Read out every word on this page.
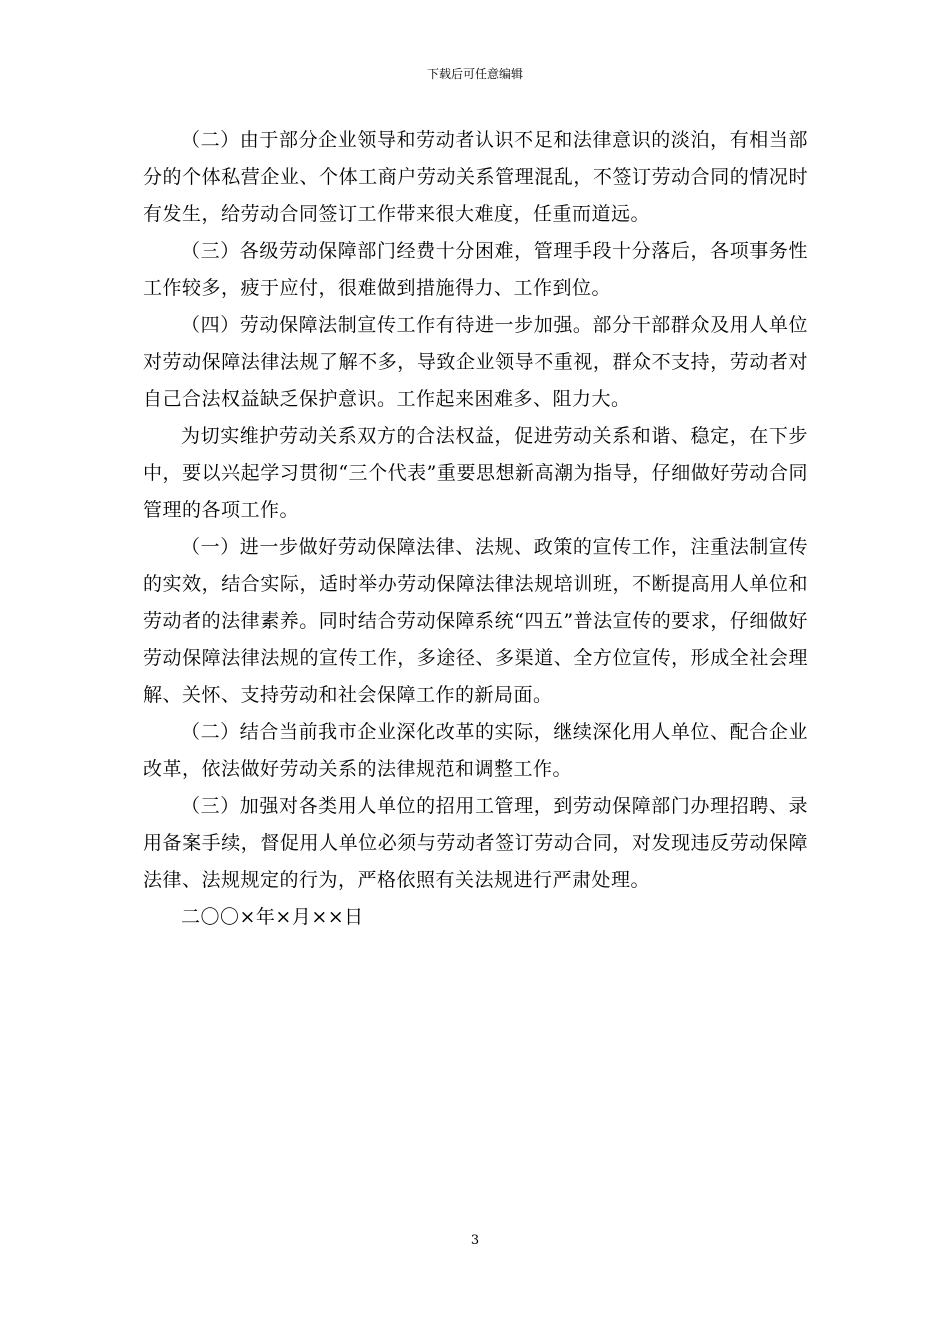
下载后可任意编辑

（二）由于部分企业领导和劳动者认识不足和法律意识的淡泊，有相当部分的个体私营企业、个体工商户劳动关系管理混乱，不签订劳动合同的情况时有发生，给劳动合同签订工作带来很大难度，任重而道远。

（三）各级劳动保障部门经费十分困难，管理手段十分落后，各项事务性工作较多，疲于应付，很难做到措施得力、工作到位。

（四）劳动保障法制宣传工作有待进一步加强。部分干部群众及用人单位对劳动保障法律法规了解不多，导致企业领导不重视，群众不支持，劳动者对自己合法权益缺乏保护意识。工作起来困难多、阻力大。

为切实维护劳动关系双方的合法权益，促进劳动关系和谐、稳定，在下步中，要以兴起学习贯彻“三个代表”重要思想新高潮为指导，仔细做好劳动合同管理的各项工作。

（一）进一步做好劳动保障法律、法规、政策的宣传工作，注重法制宣传的实效，结合实际，适时举办劳动保障法律法规培训班，不断提高用人单位和劳动者的法律素养。同时结合劳动保障系统“四五”普法宣传的要求，仔细做好劳动保障法律法规的宣传工作，多途径、多渠道、全方位宣传，形成全社会理解、关怀、支持劳动和社会保障工作的新局面。

（二）结合当前我市企业深化改革的实际，继续深化用人单位、配合企业改革，依法做好劳动关系的法律规范和调整工作。

（三）加强对各类用人单位的招用工管理，到劳动保障部门办理招聘、录用备案手续，督促用人单位必须与劳动者签订劳动合同，对发现违反劳动保障法律、法规规定的行为，严格依照有关法规进行严肃处理。

二〇〇×年×月××日

3
